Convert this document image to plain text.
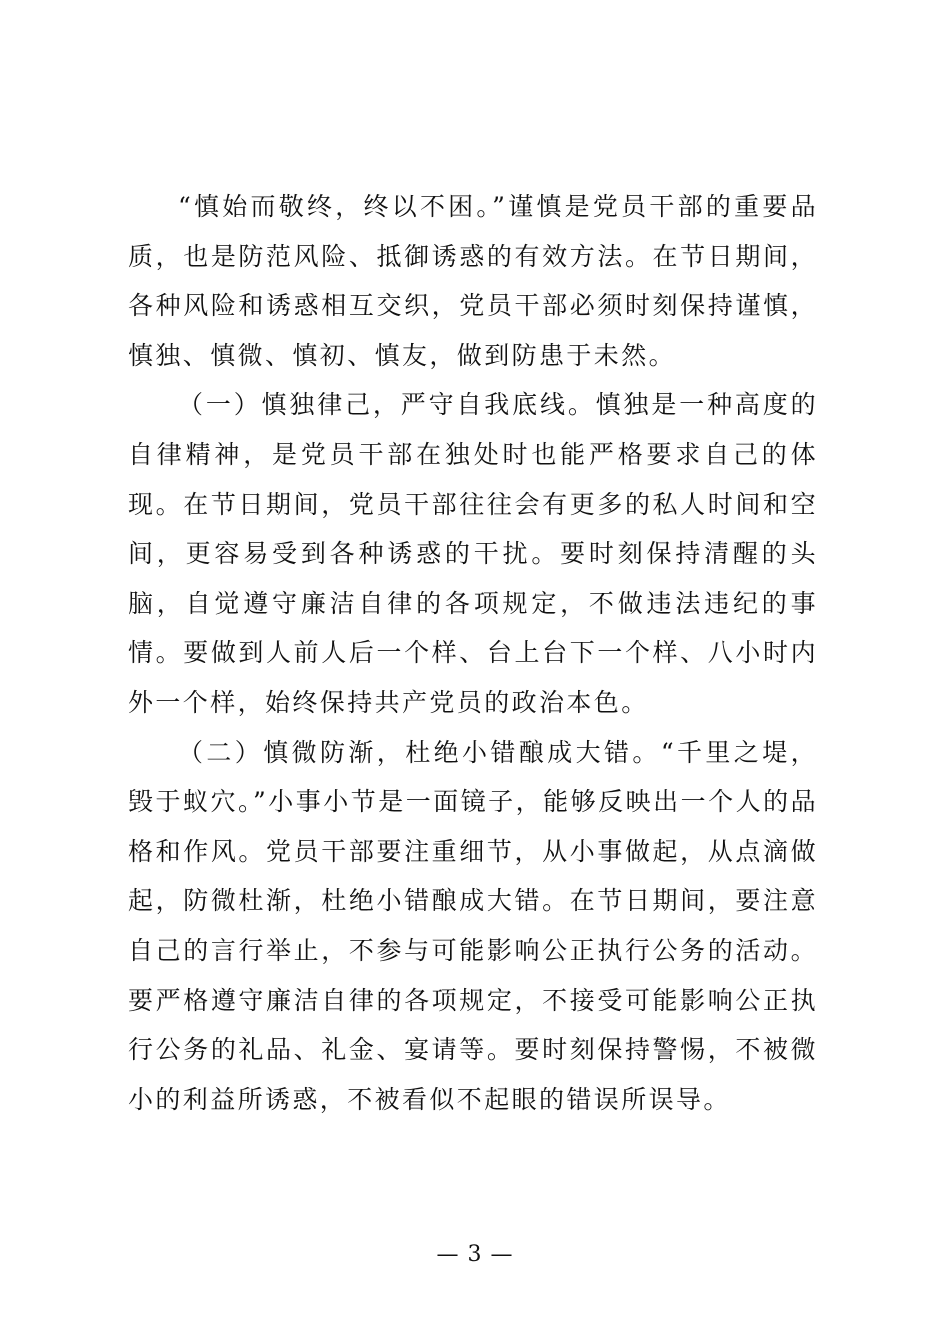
“慎始而敬终，终以不困。”谨慎是党员干部的重要品质，也是防范风险、抵御诱惑的有效方法。在节日期间，各种风险和诱惑相互交织，党员干部必须时刻保持谨慎，慎独、慎微、慎初、慎友，做到防患于未然。

（一）慎独律己，严守自我底线。慎独是一种高度的自律精神，是党员干部在独处时也能严格要求自己的体现。在节日期间，党员干部往往会有更多的私人时间和空间，更容易受到各种诱惑的干扰。要时刻保持清醒的头脑，自觉遵守廉洁自律的各项规定，不做违法违纪的事情。要做到人前人后一个样、台上台下一个样、八小时内外一个样，始终保持共产党员的政治本色。

（二）慎微防渐，杜绝小错酿成大错。“千里之堤，毁于蚁穴。”小事小节是一面镜子，能够反映出一个人的品格和作风。党员干部要注重细节，从小事做起，从点滴做起，防微杜渐，杜绝小错酿成大错。在节日期间，要注意自己的言行举止，不参与可能影响公正执行公务的活动。要严格遵守廉洁自律的各项规定，不接受可能影响公正执行公务的礼品、礼金、宴请等。要时刻保持警惕，不被微小的利益所诱惑，不被看似不起眼的错误所误导。

— 3 —
